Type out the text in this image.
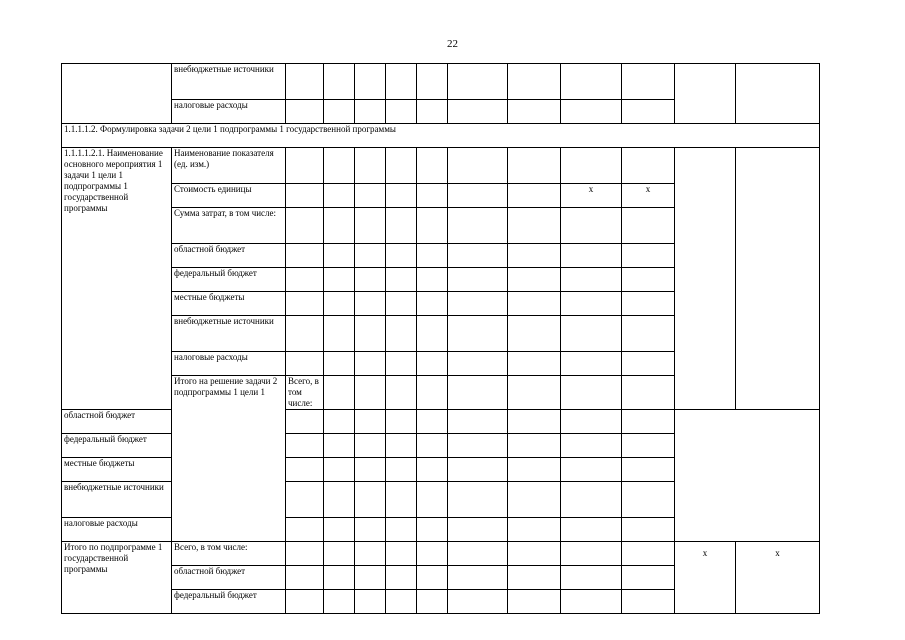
22
	внебюджетные источники												
	налоговые расходы												
1.1.1.1.2. Формулировка задачи 2 цели 1 подпрограммы 1 государственной программы													
1.1.1.1.2.1. Наименование основного мероприятия 1 задачи 1 цели 1 подпрограммы 1 государственной программы	Наименование показателя (ед. изм.)												
	Стоимость единицы								x	x			
	Сумма затрат, в том числе:												
	областной бюджет												
	федеральный бюджет												
	местные бюджеты												
	внебюджетные источники												
	налоговые расходы												
	Итого на решение задачи 2 подпрограммы 1 цели 1	Всего, в том числе:											
областной бюджет													
федеральный бюджет													
местные бюджеты													
внебюджетные источники													
налоговые расходы													
Итого по подпрограмме 1 государственной программы	Всего, в том числе:										x	x	
	областной бюджет												
	федеральный бюджет												
